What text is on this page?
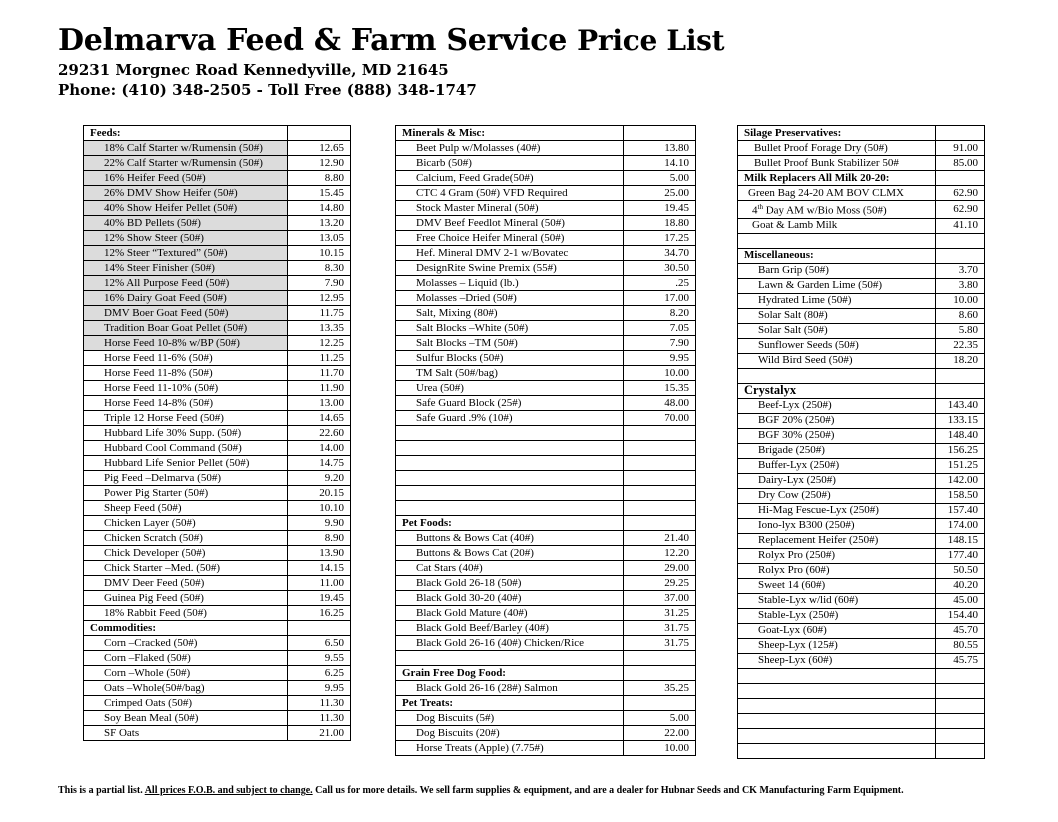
Delmarva Feed & Farm Service Price List
29231 Morgnec Road Kennedyville, MD 21645
Phone: (410) 348-2505 - Toll Free (888) 348-1747
Feeds:	
18% Calf Starter w/Rumensin (50#)	12.65
22% Calf Starter w/Rumensin (50#)	12.90
16% Heifer Feed (50#)	8.80
26% DMV Show Heifer (50#)	15.45
40% Show Heifer Pellet (50#)	14.80
40% BD Pellets (50#)	13.20
12% Show Steer (50#)	13.05
12% Steer “Textured” (50#)	10.15
14% Steer Finisher (50#)	8.30
12% All Purpose Feed (50#)	7.90
16% Dairy Goat Feed (50#)	12.95
DMV Boer Goat Feed (50#)	11.75
Tradition Boar Goat Pellet (50#)	13.35
Horse Feed 10-8% w/BP (50#)	12.25
Horse Feed 11-6% (50#)	11.25
Horse Feed 11-8% (50#)	11.70
Horse Feed 11-10% (50#)	11.90
Horse Feed 14-8% (50#)	13.00
Triple 12 Horse Feed (50#)	14.65
Hubbard Life 30% Supp. (50#)	22.60
Hubbard Cool Command (50#)	14.00
Hubbard Life Senior Pellet (50#)	14.75
Pig Feed –Delmarva (50#)	9.20
Power Pig Starter (50#)	20.15
Sheep Feed (50#)	10.10
Chicken Layer (50#)	9.90
Chicken Scratch (50#)	8.90
Chick Developer (50#)	13.90
Chick Starter –Med. (50#)	14.15
DMV Deer Feed (50#)	11.00
Guinea Pig Feed (50#)	19.45
18% Rabbit Feed (50#)	16.25
Commodities:	
Corn –Cracked (50#)	6.50
Corn –Flaked (50#)	9.55
Corn –Whole (50#)	6.25
Oats –Whole(50#/bag)	9.95
Crimped Oats (50#)	11.30
Soy Bean Meal (50#)	11.30
SF Oats	21.00
Minerals & Misc:	
Beet Pulp w/Molasses (40#)	13.80
Bicarb (50#)	14.10
Calcium, Feed Grade(50#)	5.00
CTC 4 Gram (50#) VFD Required	25.00
Stock Master Mineral (50#)	19.45
DMV Beef Feedlot Mineral (50#)	18.80
Free Choice Heifer Mineral (50#)	17.25
Hef. Mineral DMV 2-1 w/Bovatec	34.70
DesignRite Swine Premix (55#)	30.50
Molasses – Liquid (lb.)	.25
Molasses –Dried (50#)	17.00
Salt, Mixing (80#)	8.20
Salt Blocks –White (50#)	7.05
Salt Blocks –TM (50#)	7.90
Sulfur Blocks (50#)	9.95
TM Salt (50#/bag)	10.00
Urea (50#)	15.35
Safe Guard Block (25#)	48.00
Safe Guard .9% (10#)	70.00

Pet Foods:	
Buttons & Bows Cat (40#)	21.40
Buttons & Bows Cat (20#)	12.20
Cat Stars (40#)	29.00
Black Gold 26-18 (50#)	29.25
Black Gold 30-20 (40#)	37.00
Black Gold Mature (40#)	31.25
Black Gold Beef/Barley (40#)	31.75
Black Gold 26-16 (40#) Chicken/Rice	31.75

Grain Free Dog Food:	
Black Gold 26-16 (28#) Salmon	35.25
Pet Treats:	
Dog Biscuits (5#)	5.00
Dog Biscuits (20#)	22.00
Horse Treats (Apple) (7.75#)	10.00
Silage Preservatives:	
Bullet Proof Forage Dry (50#)	91.00
Bullet Proof Bunk Stabilizer 50#	85.00
Milk Replacers All Milk 20-20:	
Green Bag 24-20 AM BOV CLMX	62.90
4th Day AM w/Bio Moss (50#)	62.90
Goat & Lamb Milk	41.10

Miscellaneous:	
Barn Grip (50#)	3.70
Lawn & Garden Lime (50#)	3.80
Hydrated Lime (50#)	10.00
Solar Salt (80#)	8.60
Solar Salt (50#)	5.80
Sunflower Seeds (50#)	22.35
Wild Bird Seed (50#)	18.20

Crystalyx	
Beef-Lyx (250#)	143.40
BGF 20% (250#)	133.15
BGF 30% (250#)	148.40
Brigade (250#)	156.25
Buffer-Lyx (250#)	151.25
Dairy-Lyx (250#)	142.00
Dry Cow (250#)	158.50
Hi-Mag Fescue-Lyx (250#)	157.40
Iono-lyx B300 (250#)	174.00
Replacement Heifer (250#)	148.15
Rolyx Pro (250#)	177.40
Rolyx Pro (60#)	50.50
Sweet 14 (60#)	40.20
Stable-Lyx w/lid (60#)	45.00
Stable-Lyx (250#)	154.40
Goat-Lyx (60#)	45.70
Sheep-Lyx (125#)	80.55
Sheep-Lyx (60#)	45.75

This is a partial list. All prices F.O.B. and subject to change. Call us for more details. We sell farm supplies & equipment, and are a dealer for Hubnar Seeds and CK Manufacturing Farm Equipment.
